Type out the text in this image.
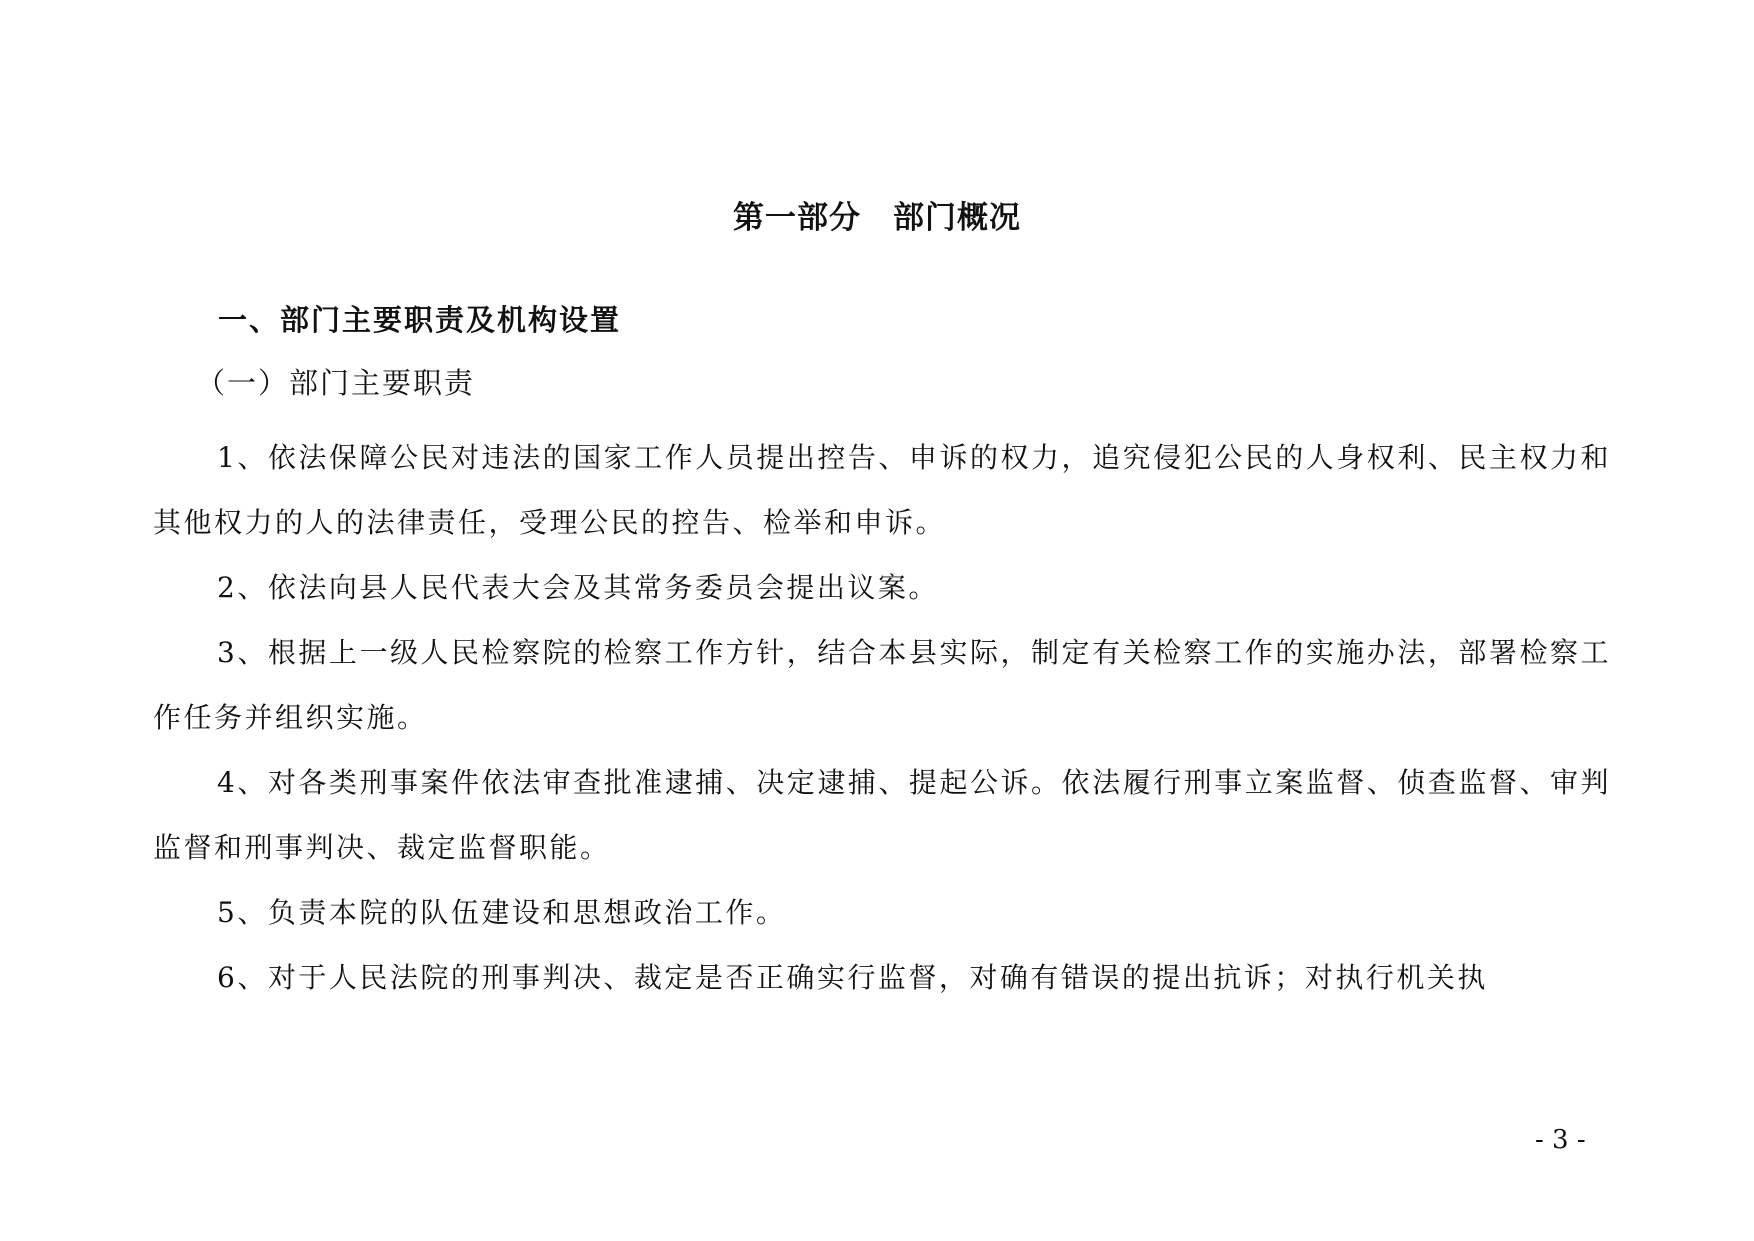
第一部分　部门概况
一、部门主要职责及机构设置
（一）部门主要职责

1、依法保障公民对违法的国家工作人员提出控告、申诉的权力，追究侵犯公民的人身权利、民主权力和其他权力的人的法律责任，受理公民的控告、检举和申诉。

2、依法向县人民代表大会及其常务委员会提出议案。

3、根据上一级人民检察院的检察工作方针，结合本县实际，制定有关检察工作的实施办法，部署检察工作任务并组织实施。

4、对各类刑事案件依法审查批准逮捕、决定逮捕、提起公诉。依法履行刑事立案监督、侦查监督、审判监督和刑事判决、裁定监督职能。

5、负责本院的队伍建设和思想政治工作。

6、对于人民法院的刑事判决、裁定是否正确实行监督，对确有错误的提出抗诉；对执行机关执

- 3 -
